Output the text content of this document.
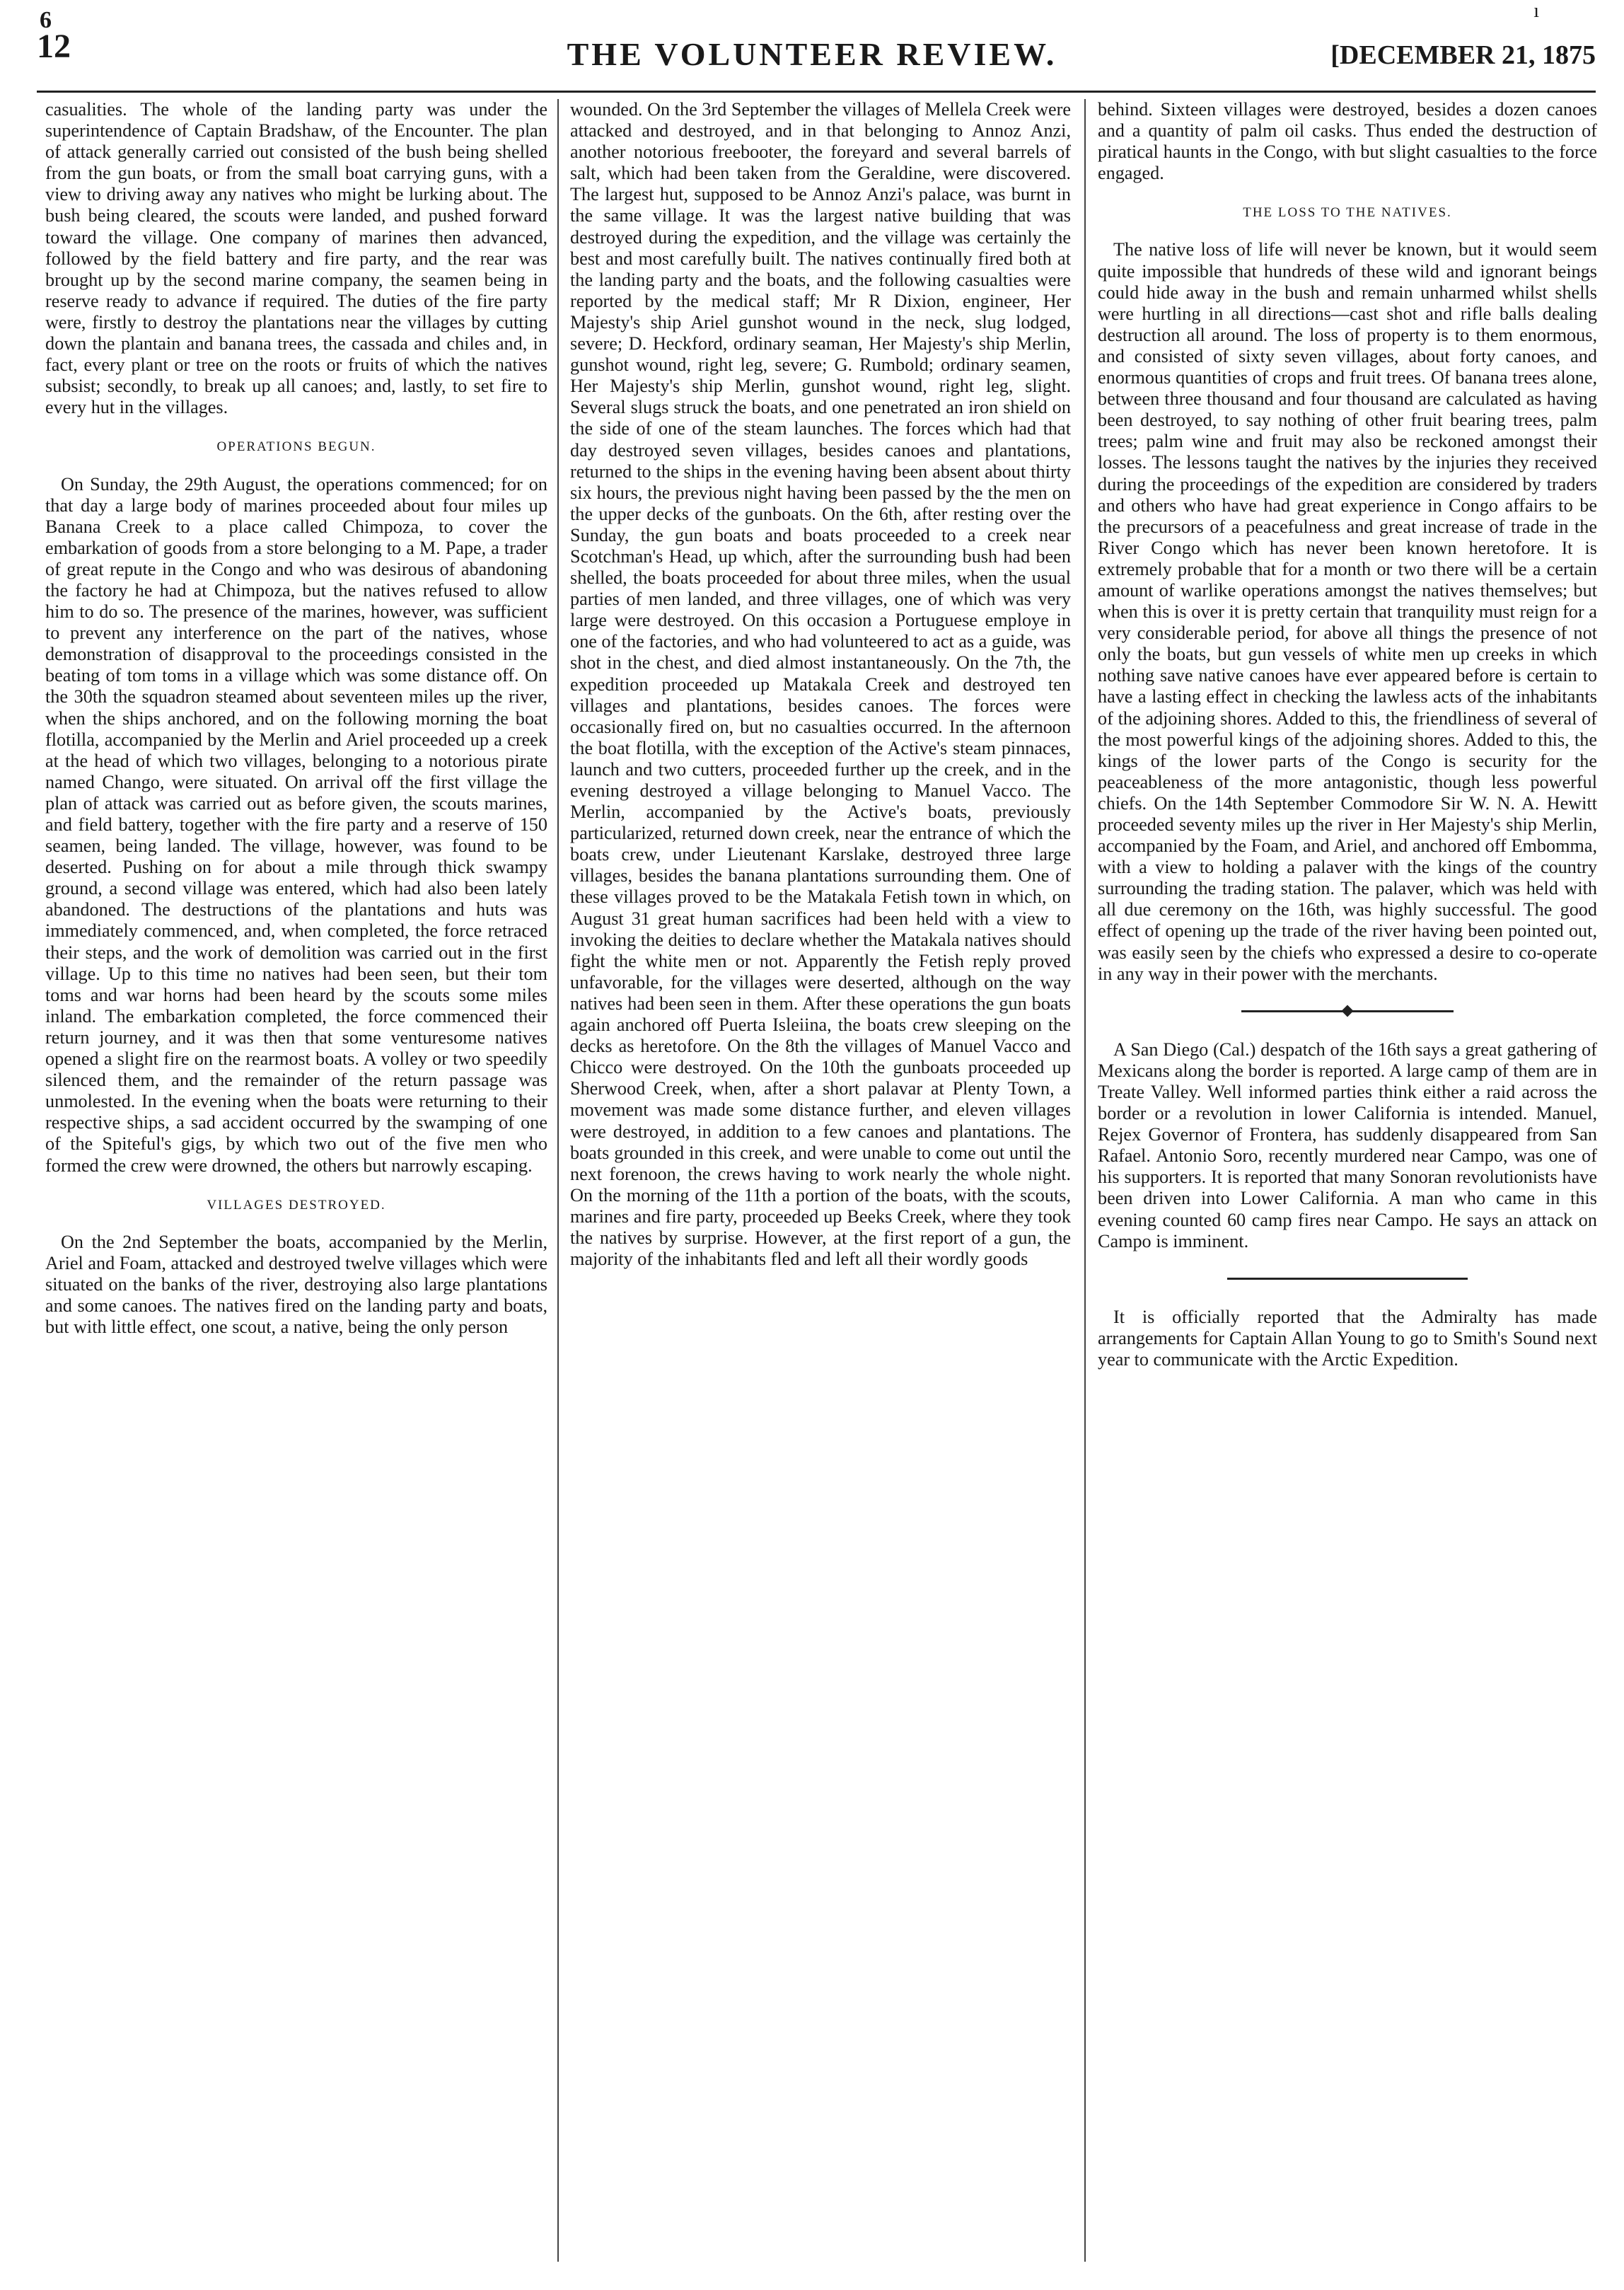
6
12	THE VOLUNTEER REVIEW.
ı
[DECEMBER 21, 1875

casualities. The whole of the landing party was under the superintendence of Captain Bradshaw, of the Encounter. The plan of attack generally carried out consisted of the bush being shelled from the gun boats, or from the small boat carrying guns, with a view to driving away any natives who might be lurking about. The bush being cleared, the scouts were landed, and pushed forward toward the village. One company of marines then advanced, followed by the field battery and fire party, and the rear was brought up by the second marine company, the seamen being in reserve ready to advance if required. The duties of the fire party were, firstly to destroy the plantations near the villages by cutting down the plantain and banana trees, the cassada and chiles and, in fact, every plant or tree on the roots or fruits of which the natives subsist; secondly, to break up all canoes; and, lastly, to set fire to every hut in the villages.

OPERATIONS BEGUN.

On Sunday, the 29th August, the operations commenced; for on that day a large body of marines proceeded about four miles up Banana Creek to a place called Chimpoza, to cover the embarkation of goods from a store belonging to a M. Pape, a trader of great repute in the Congo and who was desirous of abandoning the factory he had at Chimpoza, but the natives refused to allow him to do so. The presence of the marines, however, was sufficient to prevent any interference on the part of the natives, whose demonstration of disapproval to the proceedings consisted in the beating of tom toms in a village which was some distance off. On the 30th the squadron steamed about seventeen miles up the river, when the ships anchored, and on the following morning the boat flotilla, accompanied by the Merlin and Ariel proceeded up a creek at the head of which two villages, belonging to a notorious pirate named Chango, were situated. On arrival off the first village the plan of attack was carried out as before given, the scouts marines, and field battery, together with the fire party and a reserve of 150 seamen, being landed. The village, however, was found to be deserted. Pushing on for about a mile through thick swampy ground, a second village was entered, which had also been lately abandoned. The destructions of the plantations and huts was immediately commenced, and, when completed, the force retraced their steps, and the work of demolition was carried out in the first village. Up to this time no natives had been seen, but their tom toms and war horns had been heard by the scouts some miles inland. The embarkation completed, the force commenced their return journey, and it was then that some venturesome natives opened a slight fire on the rearmost boats. A volley or two speedily silenced them, and the remainder of the return passage was unmolested. In the evening when the boats were returning to their respective ships, a sad accident occurred by the swamping of one of the Spiteful's gigs, by which two out of the five men who formed the crew were drowned, the others but narrowly escaping.

VILLAGES DESTROYED.

On the 2nd September the boats, accompanied by the Merlin, Ariel and Foam, attacked and destroyed twelve villages which were situated on the banks of the river, destroying also large plantations and some canoes. The natives fired on the landing party and boats, but with little effect, one scout, a native, being the only person

wounded. On the 3rd September the villages of Mellela Creek were attacked and destroyed, and in that belonging to Annoz Anzi, another notorious freebooter, the foreyard and several barrels of salt, which had been taken from the Geraldine, were discovered. The largest hut, supposed to be Annoz Anzi's palace, was burnt in the same village. It was the largest native building that was destroyed during the expedition, and the village was certainly the best and most carefully built. The natives continually fired both at the landing party and the boats, and the following casualties were reported by the medical staff; Mr R Dixion, engineer, Her Majesty's ship Ariel gunshot wound in the neck, slug lodged, severe; D. Heckford, ordinary seaman, Her Majesty's ship Merlin, gunshot wound, right leg, severe; G. Rumbold; ordinary seamen, Her Majesty's ship Merlin, gunshot wound, right leg, slight. Several slugs struck the boats, and one penetrated an iron shield on the side of one of the steam launches. The forces which had that day destroyed seven villages, besides canoes and plantations, returned to the ships in the evening having been absent about thirty six hours, the previous night having been passed by the the men on the upper decks of the gunboats. On the 6th, after resting over the Sunday, the gun boats and boats proceeded to a creek near Scotchman's Head, up which, after the surrounding bush had been shelled, the boats proceeded for about three miles, when the usual parties of men landed, and three villages, one of which was very large were destroyed. On this occasion a Portuguese employe in one of the factories, and who had volunteered to act as a guide, was shot in the chest, and died almost instantaneously. On the 7th, the expedition proceeded up Matakala Creek and destroyed ten villages and plantations, besides canoes. The forces were occasionally fired on, but no casualties occurred. In the afternoon the boat flotilla, with the exception of the Active's steam pinnaces, launch and two cutters, proceeded further up the creek, and in the evening destroyed a village belonging to Manuel Vacco. The Merlin, accompanied by the Active's boats, previously particularized, returned down creek, near the entrance of which the boats crew, under Lieutenant Karslake, destroyed three large villages, besides the banana plantations surrounding them. One of these villages proved to be the Matakala Fetish town in which, on August 31 great human sacrifices had been held with a view to invoking the deities to declare whether the Matakala natives should fight the white men or not. Apparently the Fetish reply proved unfavorable, for the villages were deserted, although on the way natives had been seen in them. After these operations the gun boats again anchored off Puerta Isleiina, the boats crew sleeping on the decks as heretofore. On the 8th the villages of Manuel Vacco and Chicco were destroyed. On the 10th the gunboats proceeded up Sherwood Creek, when, after a short palavar at Plenty Town, a movement was made some distance further, and eleven villages were destroyed, in addition to a few canoes and plantations. The boats grounded in this creek, and were unable to come out until the next forenoon, the crews having to work nearly the whole night. On the morning of the 11th a portion of the boats, with the scouts, marines and fire party, proceeded up Beeks Creek, where they took the natives by surprise. However, at the first report of a gun, the majority of the inhabitants fled and left all their wordly goods

behind. Sixteen villages were destroyed, besides a dozen canoes and a quantity of palm oil casks. Thus ended the destruction of piratical haunts in the Congo, with but slight casualties to the force engaged.

THE LOSS TO THE NATIVES.

The native loss of life will never be known, but it would seem quite impossible that hundreds of these wild and ignorant beings could hide away in the bush and remain unharmed whilst shells were hurtling in all directions—cast shot and rifle balls dealing destruction all around. The loss of property is to them enormous, and consisted of sixty seven villages, about forty canoes, and enormous quantities of crops and fruit trees. Of banana trees alone, between three thousand and four thousand are calculated as having been destroyed, to say nothing of other fruit bearing trees, palm trees; palm wine and fruit may also be reckoned amongst their losses. The lessons taught the natives by the injuries they received during the proceedings of the expedition are considered by traders and others who have had great experience in Congo affairs to be the precursors of a peacefulness and great increase of trade in the River Congo which has never been known heretofore. It is extremely probable that for a month or two there will be a certain amount of warlike operations amongst the natives themselves; but when this is over it is pretty certain that tranquility must reign for a very considerable period, for above all things the presence of not only the boats, but gun vessels of white men up creeks in which nothing save native canoes have ever appeared before is certain to have a lasting effect in checking the lawless acts of the inhabitants of the adjoining shores. Added to this, the friendliness of several of the most powerful kings of the adjoining shores. Added to this, the kings of the lower parts of the Congo is security for the peaceableness of the more antagonistic, though less powerful chiefs. On the 14th September Commodore Sir W. N. A. Hewitt proceeded seventy miles up the river in Her Majesty's ship Merlin, accompanied by the Foam, and Ariel, and anchored off Embomma, with a view to holding a palaver with the kings of the country surrounding the trading station. The palaver, which was held with all due ceremony on the 16th, was highly successful. The good effect of opening up the trade of the river having been pointed out, was easily seen by the chiefs who expressed a desire to co-operate in any way in their power with the merchants.

A San Diego (Cal.) despatch of the 16th says a great gathering of Mexicans along the border is reported. A large camp of them are in Treate Valley. Well informed parties think either a raid across the border or a revolution in lower California is intended. Manuel, Rejex Governor of Frontera, has suddenly disappeared from San Rafael. Antonio Soro, recently murdered near Campo, was one of his supporters. It is reported that many Sonoran revolutionists have been driven into Lower California. A man who came in this evening counted 60 camp fires near Campo. He says an attack on Campo is imminent.

It is officially reported that the Admiralty has made arrangements for Captain Allan Young to go to Smith's Sound next year to communicate with the Arctic Expedition.
